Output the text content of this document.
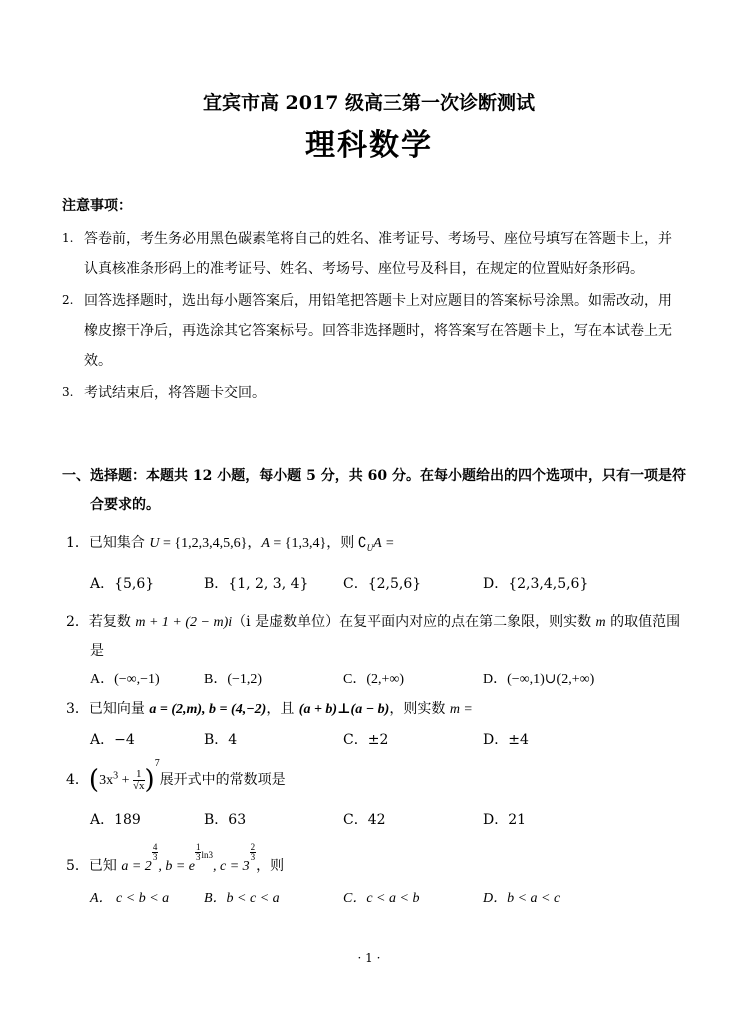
宜宾市高 2017 级高三第一次诊断测试
理科数学
注意事项：
1. 答卷前，考生务必用黑色碳素笔将自己的姓名、准考证号、考场号、座位号填写在答题卡上，并
认真核准条形码上的准考证号、姓名、考场号、座位号及科目，在规定的位置贴好条形码。
2. 回答选择题时，选出每小题答案后，用铅笔把答题卡上对应题目的答案标号涂黑。如需改动，用
橡皮擦干净后，再选涂其它答案标号。回答非选择题时，将答案写在答题卡上，写在本试卷上无
效。
3. 考试结束后，将答题卡交回。
一、选择题：本题共 12 小题，每小题 5 分，共 60 分。在每小题给出的四个选项中，只有一项是符
合要求的。
1．已知集合 U = {1,2,3,4,5,6}，A = {1,3,4}，则 $∁_UA$ =
A．{5,6}	B．{1, 2, 3, 4} C．{2,5,6}	D．{2,3,4,5,6}
2．若复数 m + 1 + (2 − m)i（i 是虚数单位）在复平面内对应的点在第二象限，则实数 m 的取值范围
是
A．(−∞,−1)	B．(−1,2)	C．(2,+∞)	D．(−∞,1)∪(2,+∞)
3．已知向量 a = (2,m), b = (4,−2)，且 (a + b)⊥(a − b)，则实数 m =
A．−4	B．4	C．±2	D．±4
4．$(3x^3 + \frac{1}{√x} )^7$展开式中的常数项是
A．189	B．63	C．42	D．21
5．已知 a = 2
$\frac{4}{3}$
, b = e
$\frac{1}{3} ^{ln3}$, c = 3
$\frac{2}{3}$
，则
A． c < b < a B．b < c < a	C．c < a < b	D．b < a < c
· 1 ·
